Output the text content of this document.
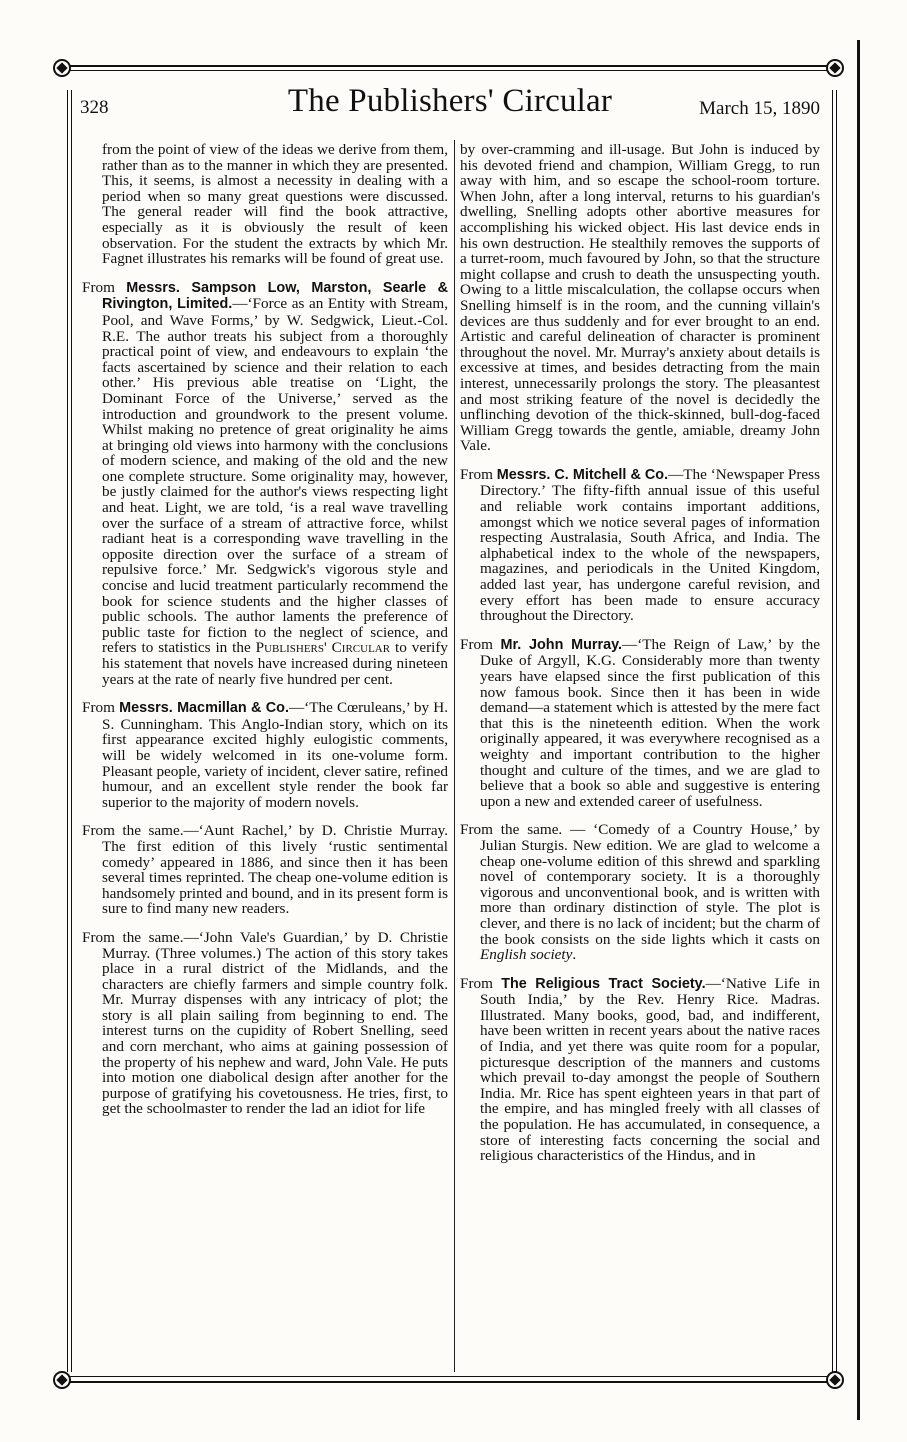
328	The Publishers' Circular	March 15, 1890

from the point of view of the ideas we derive from them, rather than as to the manner in which they are presented. This, it seems, is almost a necessity in dealing with a period when so many great questions were discussed. The general reader will find the book attractive, especially as it is obviously the result of keen observation. For the student the extracts by which Mr. Fagnet illustrates his remarks will be found of great use.

From Messrs. Sampson Low, Marston, Searle & Rivington, Limited.—‘Force as an Entity with Stream, Pool, and Wave Forms,’ by W. Sedgwick, Lieut.-Col. R.E. The author treats his subject from a thoroughly practical point of view, and endeavours to explain ‘the facts ascertained by science and their relation to each other.’ His previous able treatise on ‘Light, the Dominant Force of the Universe,’ served as the introduction and groundwork to the present volume. Whilst making no pretence of great originality he aims at bringing old views into harmony with the conclusions of modern science, and making of the old and the new one complete structure. Some originality may, however, be justly claimed for the author's views respecting light and heat. Light, we are told, ‘is a real wave travelling over the surface of a stream of attractive force, whilst radiant heat is a corresponding wave travelling in the opposite direction over the surface of a stream of repulsive force.’ Mr. Sedgwick's vigorous style and concise and lucid treatment particularly recommend the book for science students and the higher classes of public schools. The author laments the preference of public taste for fiction to the neglect of science, and refers to statistics in the Publishers' Circular to verify his statement that novels have increased during nineteen years at the rate of nearly five hundred per cent.

From Messrs. Macmillan & Co.—‘The Cœruleans,’ by H. S. Cunningham. This Anglo-Indian story, which on its first appearance excited highly eulogistic comments, will be widely welcomed in its one-volume form. Pleasant people, variety of incident, clever satire, refined humour, and an excellent style render the book far superior to the majority of modern novels.

From the same.—‘Aunt Rachel,’ by D. Christie Murray. The first edition of this lively ‘rustic sentimental comedy’ appeared in 1886, and since then it has been several times reprinted. The cheap one-volume edition is handsomely printed and bound, and in its present form is sure to find many new readers.

From the same.—‘John Vale's Guardian,’ by D. Christie Murray. (Three volumes.) The action of this story takes place in a rural district of the Midlands, and the characters are chiefly farmers and simple country folk. Mr. Murray dispenses with any intricacy of plot; the story is all plain sailing from beginning to end. The interest turns on the cupidity of Robert Snelling, seed and corn merchant, who aims at gaining possession of the property of his nephew and ward, John Vale. He puts into motion one diabolical design after another for the purpose of gratifying his covetousness. He tries, first, to get the schoolmaster to render the lad an idiot for life

by over-cramming and ill-usage. But John is induced by his devoted friend and champion, William Gregg, to run away with him, and so escape the school-room torture. When John, after a long interval, returns to his guardian's dwelling, Snelling adopts other abortive measures for accomplishing his wicked object. His last device ends in his own destruction. He stealthily removes the supports of a turret-room, much favoured by John, so that the structure might collapse and crush to death the unsuspecting youth. Owing to a little miscalculation, the collapse occurs when Snelling himself is in the room, and the cunning villain's devices are thus suddenly and for ever brought to an end. Artistic and careful delineation of character is prominent throughout the novel. Mr. Murray's anxiety about details is excessive at times, and besides detracting from the main interest, unnecessarily prolongs the story. The pleasantest and most striking feature of the novel is decidedly the unflinching devotion of the thick-skinned, bull-dog-faced William Gregg towards the gentle, amiable, dreamy John Vale.

From Messrs. C. Mitchell & Co.—The ‘Newspaper Press Directory.’ The fifty-fifth annual issue of this useful and reliable work contains important additions, amongst which we notice several pages of information respecting Australasia, South Africa, and India. The alphabetical index to the whole of the newspapers, magazines, and periodicals in the United Kingdom, added last year, has undergone careful revision, and every effort has been made to ensure accuracy throughout the Directory.

From Mr. John Murray.—‘The Reign of Law,’ by the Duke of Argyll, K.G. Considerably more than twenty years have elapsed since the first publication of this now famous book. Since then it has been in wide demand—a statement which is attested by the mere fact that this is the nineteenth edition. When the work originally appeared, it was everywhere recognised as a weighty and important contribution to the higher thought and culture of the times, and we are glad to believe that a book so able and suggestive is entering upon a new and extended career of usefulness.

From the same. — ‘Comedy of a Country House,’ by Julian Sturgis. New edition. We are glad to welcome a cheap one-volume edition of this shrewd and sparkling novel of contemporary society. It is a thoroughly vigorous and unconventional book, and is written with more than ordinary distinction of style. The plot is clever, and there is no lack of incident; but the charm of the book consists on the side lights which it casts on English society.

From The Religious Tract Society.—‘Native Life in South India,’ by the Rev. Henry Rice. Madras. Illustrated. Many books, good, bad, and indifferent, have been written in recent years about the native races of India, and yet there was quite room for a popular, picturesque description of the manners and customs which prevail to-day amongst the people of Southern India. Mr. Rice has spent eighteen years in that part of the empire, and has mingled freely with all classes of the population. He has accumulated, in consequence, a store of interesting facts concerning the social and religious characteristics of the Hindus, and in
